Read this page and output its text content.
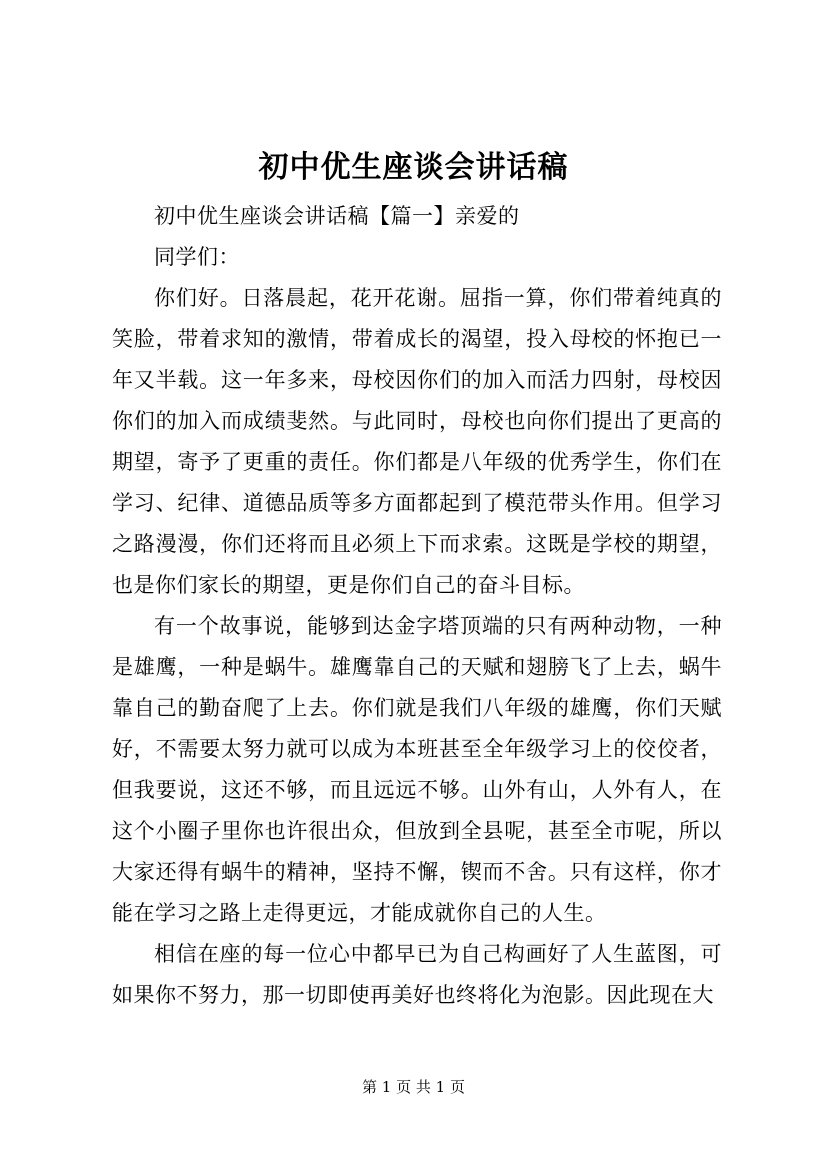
初中优生座谈会讲话稿

初中优生座谈会讲话稿【篇一】亲爱的

同学们：

你们好。日落晨起，花开花谢。屈指一算，你们带着纯真的笑脸，带着求知的激情，带着成长的渴望，投入母校的怀抱已一年又半载。这一年多来，母校因你们的加入而活力四射，母校因你们的加入而成绩斐然。与此同时，母校也向你们提出了更高的期望，寄予了更重的责任。你们都是八年级的优秀学生，你们在学习、纪律、道德品质等多方面都起到了模范带头作用。但学习之路漫漫，你们还将而且必须上下而求索。这既是学校的期望，也是你们家长的期望，更是你们自己的奋斗目标。

有一个故事说，能够到达金字塔顶端的只有两种动物，一种是雄鹰，一种是蜗牛。雄鹰靠自己的天赋和翅膀飞了上去，蜗牛靠自己的勤奋爬了上去。你们就是我们八年级的雄鹰，你们天赋好，不需要太努力就可以成为本班甚至全年级学习上的佼佼者，但我要说，这还不够，而且远远不够。山外有山，人外有人，在这个小圈子里你也许很出众，但放到全县呢，甚至全市呢，所以大家还得有蜗牛的精神，坚持不懈，锲而不舍。只有这样，你才能在学习之路上走得更远，才能成就你自己的人生。

相信在座的每一位心中都早已为自己构画好了人生蓝图，可如果你不努力，那一切即使再美好也终将化为泡影。因此现在大

第 1 页 共 1 页
